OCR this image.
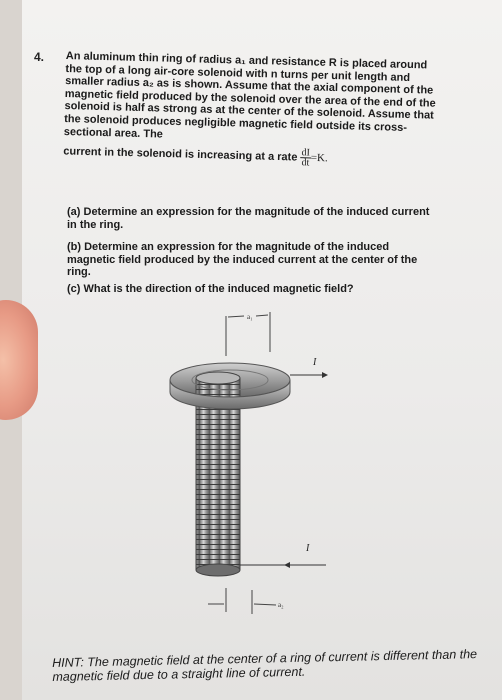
4. An aluminum thin ring of radius a₁ and resistance R is placed around the top of a long air-core solenoid with n turns per unit length and smaller radius a₂ as is shown. Assume that the axial component of the magnetic field produced by the solenoid over the area of the end of the solenoid is half as strong as at the center of the solenoid. Assume that the solenoid produces negligible magnetic field outside its cross-sectional area. The
current in the solenoid is increasing at a rate $\frac{dI}{dt} =K$.
(a) Determine an expression for the magnitude of the induced current in the ring.
(b) Determine an expression for the magnitude of the induced magnetic field produced by the induced current at the center of the ring.
(c) What is the direction of the induced magnetic field?
a₁
I
I
a₂
HINT: The magnetic field at the center of a ring of current is different than the magnetic field due to a straight line of current.
